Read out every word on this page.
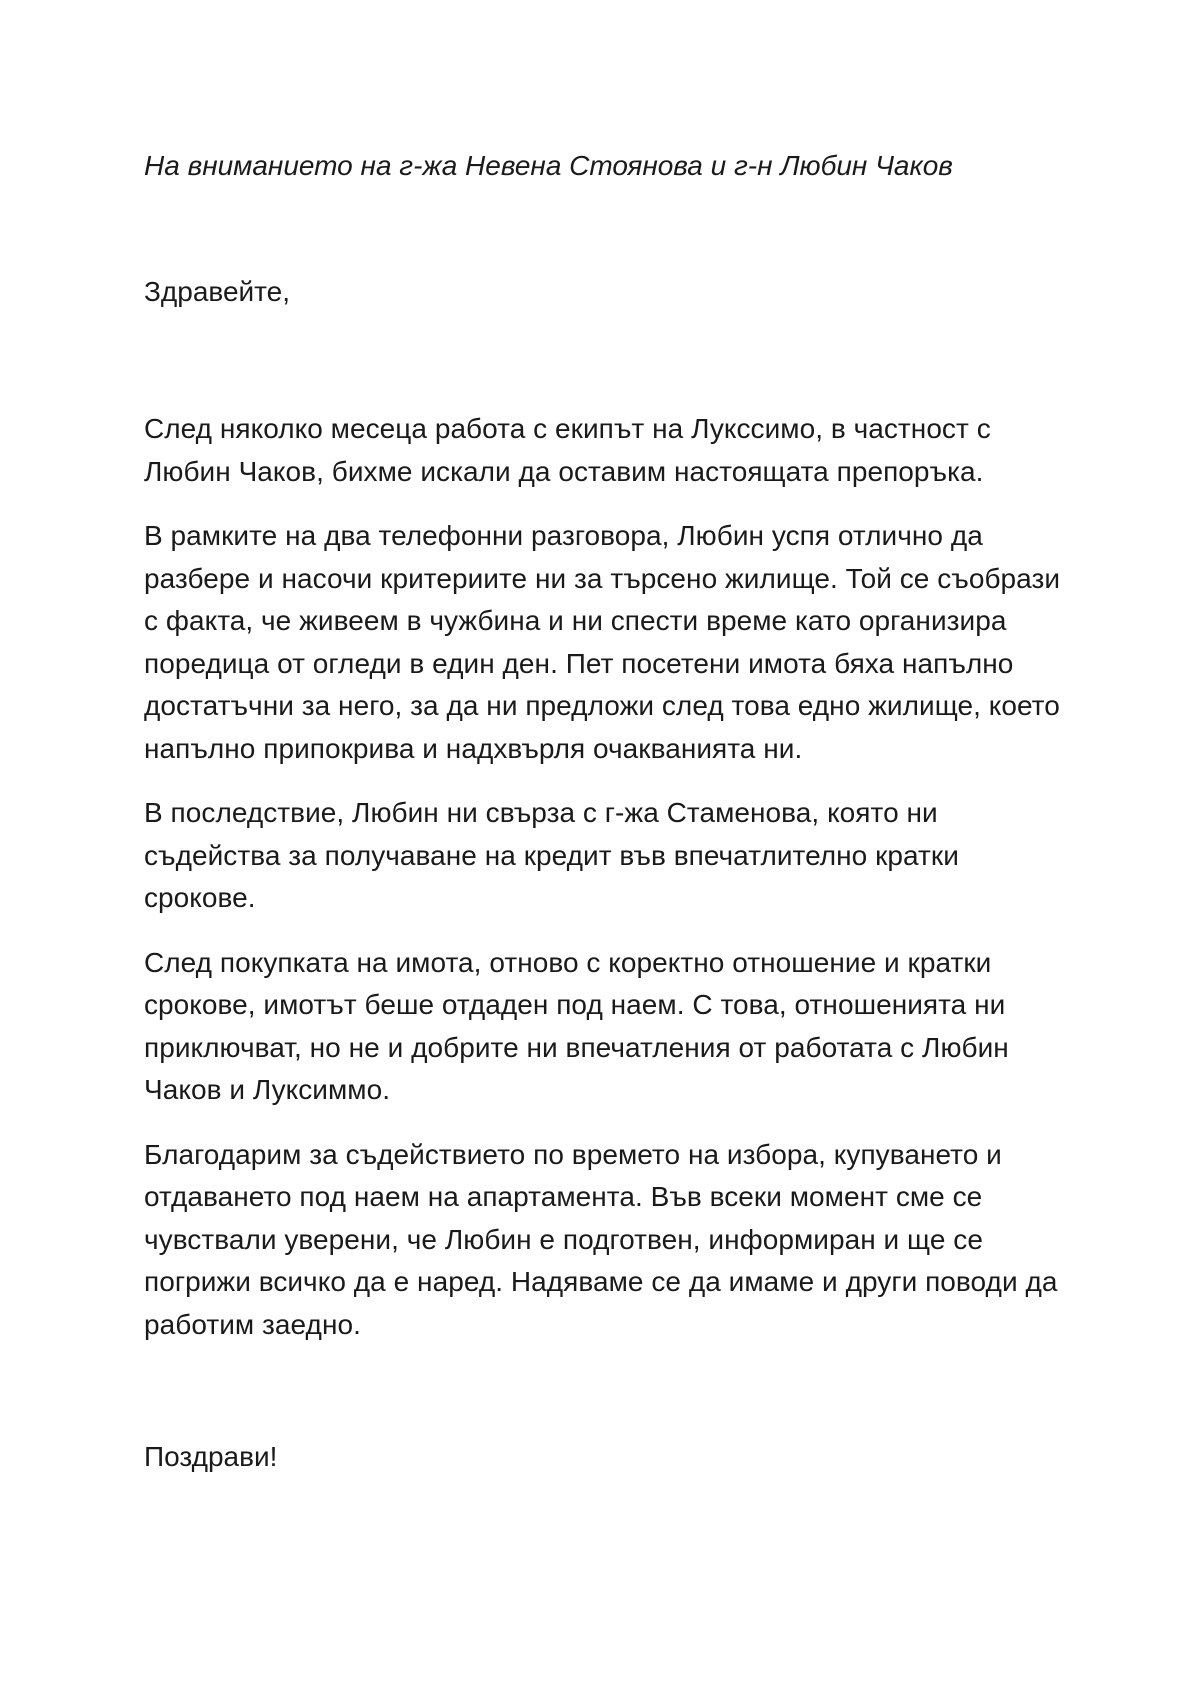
На вниманието на г-жа Невена Стоянова и г-н Любин Чаков

Здравейте,

След няколко месеца работа с екипът на Лукссимо, в частност с Любин Чаков, бихме искали да оставим настоящата препоръка.

В рамките на два телефонни разговора, Любин успя отлично да разбере и насочи критериите ни за търсено жилище. Той се съобрази с факта, че живеем в чужбина и ни спести време като организира поредица от огледи в един ден. Пет посетени имота бяха напълно достатъчни за него, за да ни предложи след това едно жилище, което напълно припокрива и надхвърля очакванията ни.

В последствие, Любин ни свърза с г-жа Стаменова, която ни съдейства за получаване на кредит във впечатлително кратки срокове.

След покупката на имота, отново с коректно отношение и кратки срокове, имотът беше отдаден под наем. С това, отношенията ни приключват, но не и добрите ни впечатления от работата с Любин Чаков и Луксиммо.

Благодарим за съдействието по времето на избора, купуването и отдаването под наем на апартамента. Във всеки момент сме се чувствали уверени, че Любин е подготвен, информиран и ще се погрижи всичко да е наред. Надяваме се да имаме и други поводи да работим заедно.

Поздрави!
